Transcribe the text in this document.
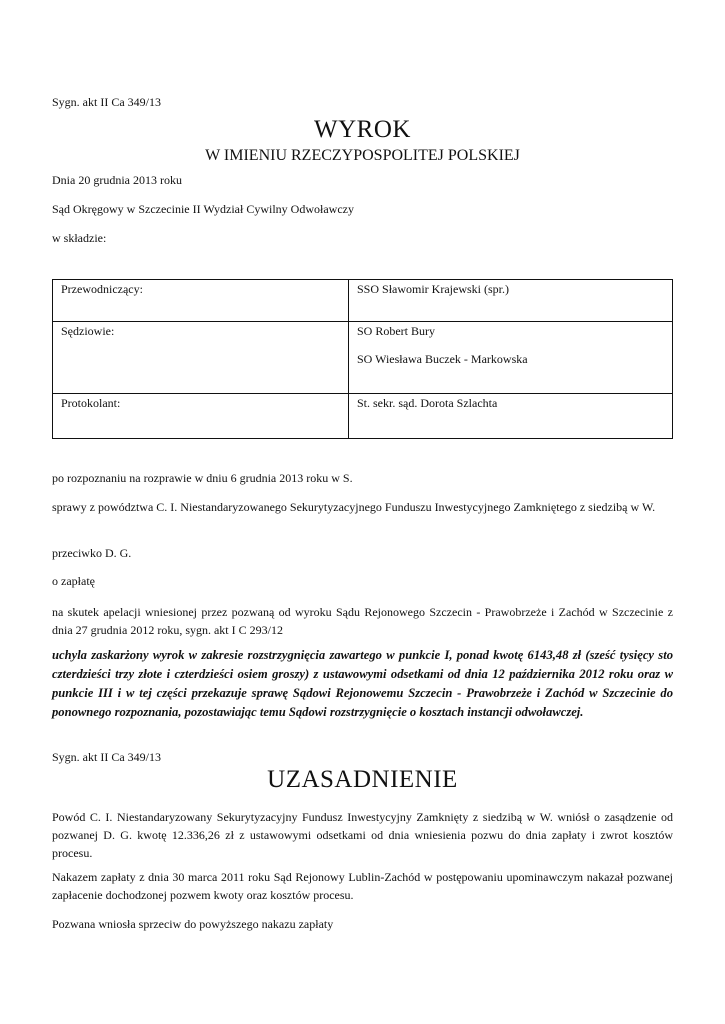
Sygn. akt II Ca 349/13
WYROK
W IMIENIU RZECZYPOSPOLITEJ POLSKIEJ
Dnia 20 grudnia 2013 roku
Sąd Okręgowy w Szczecinie II Wydział Cywilny Odwoławczy
w składzie:
Przewodniczący:	SSO Sławomir Krajewski (spr.)
Sędziowie:	SO Robert Bury
SO Wiesława Buczek - Markowska

Protokolant:	St. sekr. sąd. Dorota Szlachta
po rozpoznaniu na rozprawie w dniu 6 grudnia 2013 roku w S.
sprawy z powództwa C. I. Niestandaryzowanego Sekurytyzacyjnego Funduszu Inwestycyjnego Zamkniętego z siedzibą w W.
przeciwko D. G.
o zapłatę
na skutek apelacji wniesionej przez pozwaną od wyroku Sądu Rejonowego Szczecin - Prawobrzeże i Zachód w Szczecinie z dnia 27 grudnia 2012 roku, sygn. akt I C 293/12
uchyla zaskarżony wyrok w zakresie rozstrzygnięcia zawartego w punkcie I, ponad kwotę 6143,48 zł (sześć tysięcy sto czterdzieści trzy złote i czterdzieści osiem groszy) z ustawowymi odsetkami od dnia 12 października 2012 roku oraz w punkcie III i w tej części przekazuje sprawę Sądowi Rejonowemu Szczecin - Prawobrzeże i Zachód w Szczecinie do ponownego rozpoznania, pozostawiając temu Sądowi rozstrzygnięcie o kosztach instancji odwoławczej.
Sygn. akt II Ca 349/13
UZASADNIENIE
Powód C. I. Niestandaryzowany Sekurytyzacyjny Fundusz Inwestycyjny Zamknięty z siedzibą w W. wniósł o zasądzenie od pozwanej D. G. kwotę 12.336,26 zł z ustawowymi odsetkami od dnia wniesienia pozwu do dnia zapłaty i zwrot kosztów procesu.
Nakazem zapłaty z dnia 30 marca 2011 roku Sąd Rejonowy Lublin-Zachód w postępowaniu upominawczym nakazał pozwanej zapłacenie dochodzonej pozwem kwoty oraz kosztów procesu.
Pozwana wniosła sprzeciw do powyższego nakazu zapłaty
